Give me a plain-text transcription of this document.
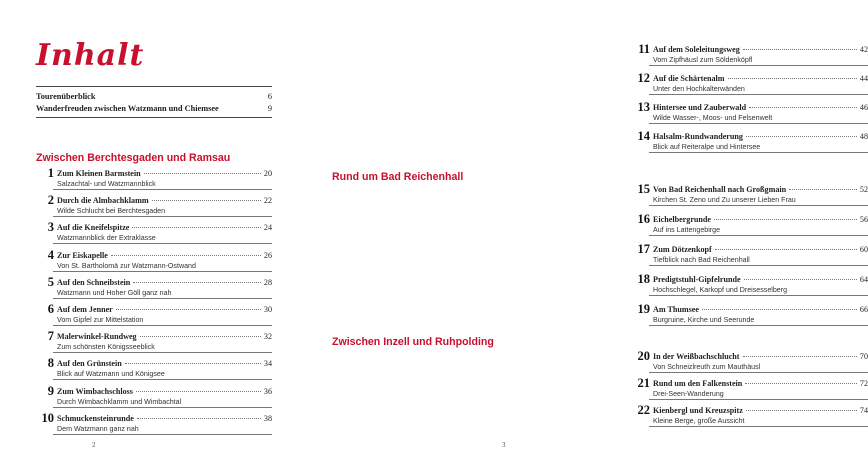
Inhalt
Tourenüberblick	6
Wanderfreuden zwischen Watzmann und Chiemsee	9
Zwischen Berchtesgaden und Ramsau
1 Zum Kleinen Barmstein	20
Salzachtal- und Watzmannblick
2 Durch die Almbachklamm	22
Wilde Schlucht bei Berchtesgaden
3 Auf die Kneifelspitze	24
Watzmannblick der Extraklasse
4 Zur Eiskapelle	26
Von St. Bartholomä zur Watzmann-Ostwand
5 Auf den Schneibstein	28
Watzmann und Hoher Göll ganz nah
6 Auf dem Jenner	30
Vom Gipfel zur Mittelstation
7 Malerwinkel-Rundweg	32
Zum schönsten Königsseeblick
8 Auf den Grünstein	34
Blick auf Watzmann und Königsee
9 Zum Wimbachschloss	36
Durch Wimbachklamm und Wimbachtal
10 Schmuckensteinrunde	38
Dem Watzmann ganz nah
2
11 Auf dem Soleleitungsweg	42
Vom Zipfhäusl zum Söldenköpfl
12 Auf die Schärtenalm	44
Unter den Hochkalterwänden
13 Hintersee und Zauberwald	46
Wilde Wasser-, Moos- und Felsenwelt
14 Halsalm-Rundwanderung	48
Blick auf Reiteralpe und Hintersee
Rund um Bad Reichenhall
15 Von Bad Reichenhall nach Großgmain	52
Kirchen St. Zeno und Zu unserer Lieben Frau
16 Eichelbergrunde	56
Auf ins Lattengebirge
17 Zum Dötzenkopf	60
Tiefblick nach Bad Reichenhall
18 Predigtstuhl-Gipfelrunde	64
Hochschlegel, Karkopf und Dreisesselberg
19 Am Thumsee	66
Burgruine, Kirche und Seerunde
Zwischen Inzell und Ruhpolding
20 In der Weißbachschlucht	70
Von Schneizlreuth zum Mauthäusl
21 Rund um den Falkenstein	72
Drei-Seen-Wanderung
22 Kienbergl und Kreuzspitz	74
Kleine Berge, große Aussicht
3
